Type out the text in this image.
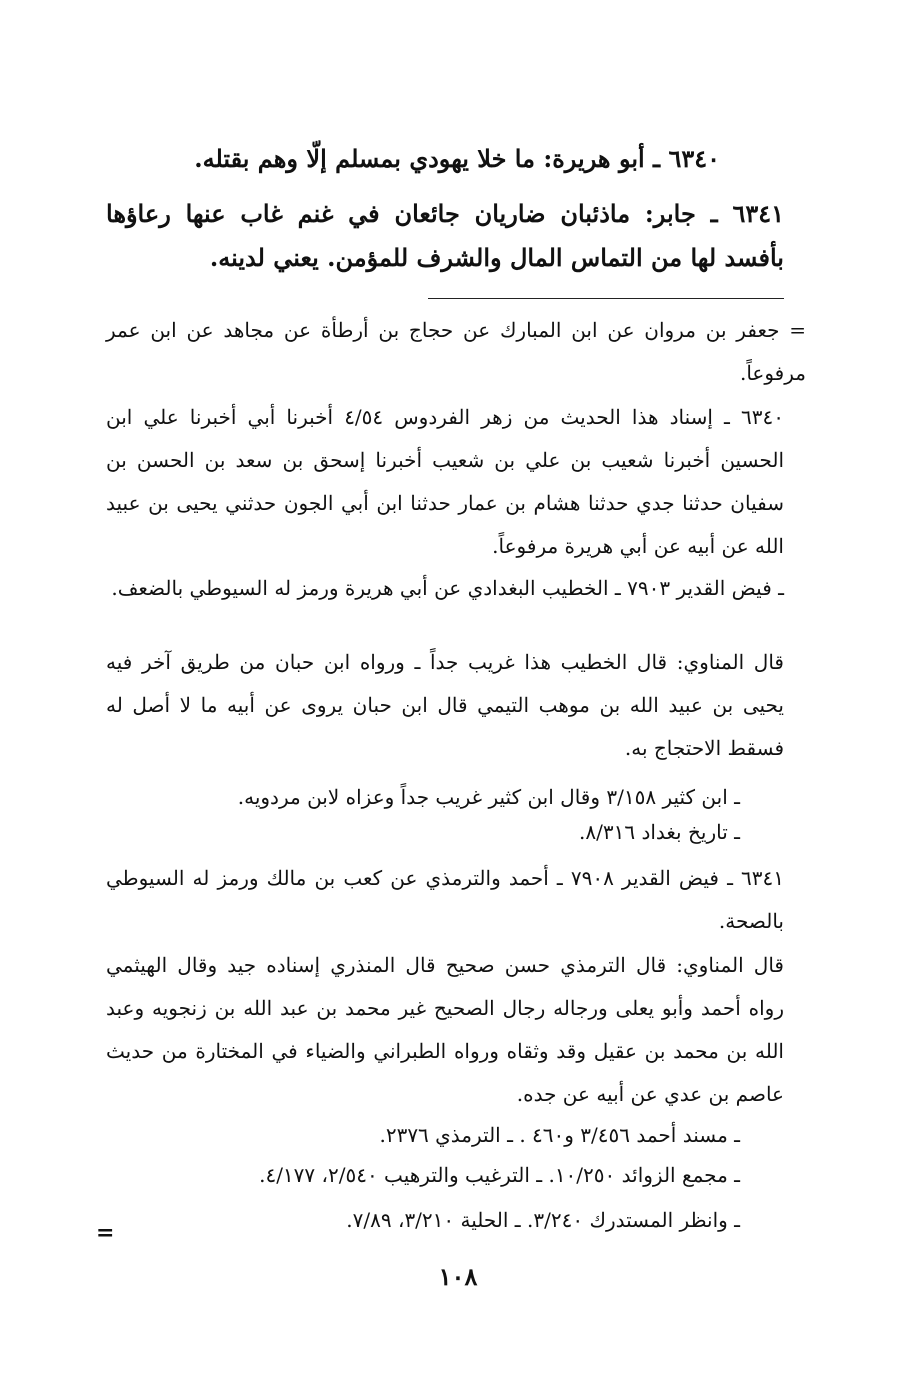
٦٣٤٠ ـ أبو هريرة: ما خلا يهودي بمسلم إلّا وهم بقتله.
٦٣٤١ ـ جابر: ماذئبان ضاريان جائعان في غنم غاب عنها رعاؤها بأفسد لها من التماس المال والشرف للمؤمن. يعني لدينه.
= جعفر بن مروان عن ابن المبارك عن حجاج بن أرطأة عن مجاهد عن ابن عمر مرفوعاً.
٦٣٤٠ ـ إسناد هذا الحديث من زهر الفردوس ٤/٥٤ أخبرنا أبي أخبرنا علي ابن الحسين أخبرنا شعيب بن علي بن شعيب أخبرنا إسحق بن سعد بن الحسن بن سفيان حدثنا جدي حدثنا هشام بن عمار حدثنا ابن أبي الجون حدثني يحيى بن عبيد الله عن أبيه عن أبي هريرة مرفوعاً.
ـ فيض القدير ٧٩٠٣ ـ الخطيب البغدادي عن أبي هريرة ورمز له السيوطي بالضعف.
قال المناوي: قال الخطيب هذا غريب جداً ـ ورواه ابن حبان من طريق آخر فيه يحيى بن عبيد الله بن موهب التيمي قال ابن حبان يروى عن أبيه ما لا أصل له فسقط الاحتجاج به.
ـ ابن كثير ٣/١٥٨ وقال ابن كثير غريب جداً وعزاه لابن مردويه.
ـ تاريخ بغداد ٨/٣١٦.
٦٣٤١ ـ فيض القدير ٧٩٠٨ ـ أحمد والترمذي عن كعب بن مالك ورمز له السيوطي بالصحة.
قال المناوي: قال الترمذي حسن صحيح قال المنذري إسناده جيد وقال الهيثمي رواه أحمد وأبو يعلى ورجاله رجال الصحيح غير محمد بن عبد الله بن زنجويه وعبد الله بن محمد بن عقيل وقد وثقاه ورواه الطبراني والضياء في المختارة من حديث عاصم بن عدي عن أبيه عن جده.
ـ مسند أحمد ٣/٤٥٦ و٤٦٠ . ـ الترمذي ٢٣٧٦.
ـ مجمع الزوائد ١٠/٢٥٠. ـ الترغيب والترهيب ٢/٥٤٠، ٤/١٧٧.
ـ وانظر المستدرك ٣/٢٤٠. ـ الحلية ٣/٢١٠، ٧/٨٩.
=
١٠٨
